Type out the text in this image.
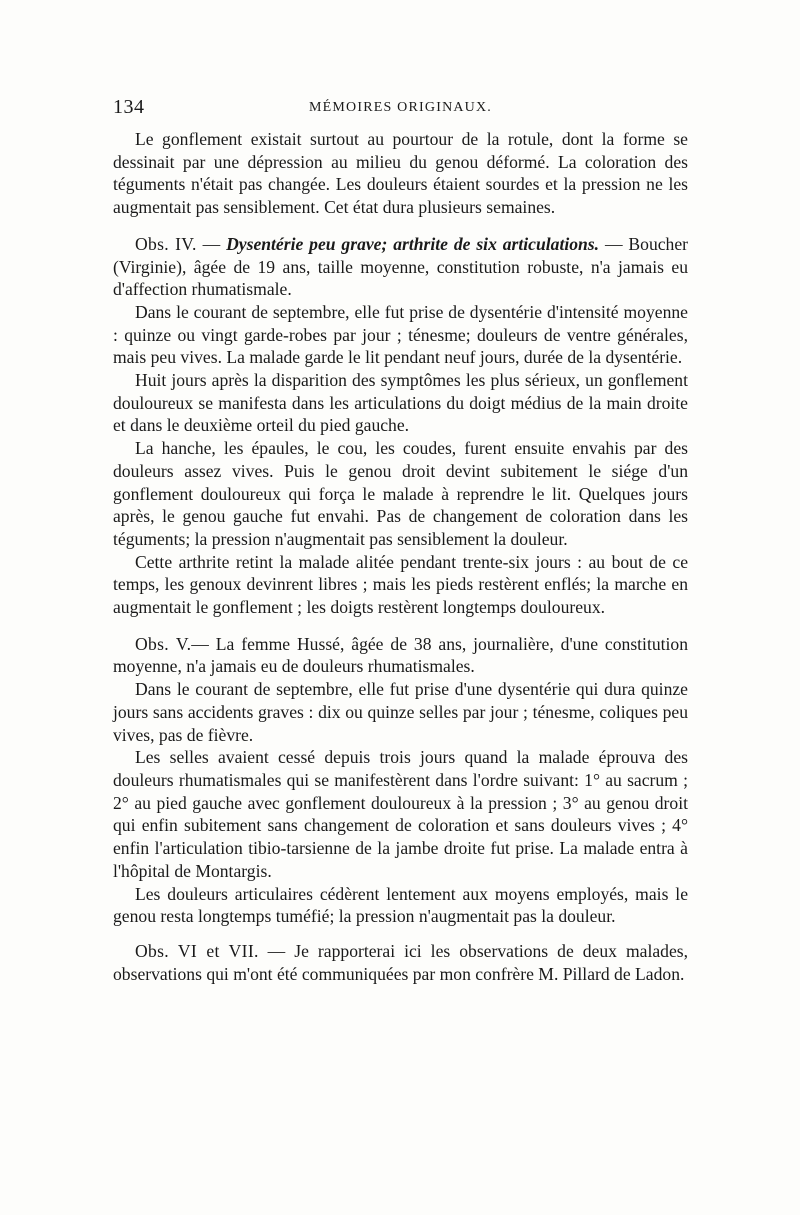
134	MÉMOIRES ORIGINAUX.

Le gonflement existait surtout au pourtour de la rotule, dont la forme se dessinait par une dépression au milieu du genou déformé. La coloration des téguments n'était pas changée. Les douleurs étaient sourdes et la pression ne les augmentait pas sensiblement. Cet état dura plusieurs semaines.

Obs. IV. — Dysentérie peu grave; arthrite de six articulations. — Boucher (Virginie), âgée de 19 ans, taille moyenne, constitution robuste, n'a jamais eu d'affection rhumatismale.

Dans le courant de septembre, elle fut prise de dysentérie d'intensité moyenne : quinze ou vingt garde-robes par jour ; ténesme; douleurs de ventre générales, mais peu vives. La malade garde le lit pendant neuf jours, durée de la dysentérie.

Huit jours après la disparition des symptômes les plus sérieux, un gonflement douloureux se manifesta dans les articulations du doigt médius de la main droite et dans le deuxième orteil du pied gauche.

La hanche, les épaules, le cou, les coudes, furent ensuite envahis par des douleurs assez vives. Puis le genou droit devint subitement le siége d'un gonflement douloureux qui força le malade à reprendre le lit. Quelques jours après, le genou gauche fut envahi. Pas de changement de coloration dans les téguments; la pression n'augmentait pas sensiblement la douleur.

Cette arthrite retint la malade alitée pendant trente-six jours : au bout de ce temps, les genoux devinrent libres ; mais les pieds restèrent enflés; la marche en augmentait le gonflement ; les doigts restèrent longtemps douloureux.

Obs. V.— La femme Hussé, âgée de 38 ans, journalière, d'une constitution moyenne, n'a jamais eu de douleurs rhumatismales.

Dans le courant de septembre, elle fut prise d'une dysentérie qui dura quinze jours sans accidents graves : dix ou quinze selles par jour ; ténesme, coliques peu vives, pas de fièvre.

Les selles avaient cessé depuis trois jours quand la malade éprouva des douleurs rhumatismales qui se manifestèrent dans l'ordre suivant: 1° au sacrum ; 2° au pied gauche avec gonflement douloureux à la pression ; 3° au genou droit qui enfin subitement sans changement de coloration et sans douleurs vives ; 4° enfin l'articulation tibio-tarsienne de la jambe droite fut prise. La malade entra à l'hôpital de Montargis.

Les douleurs articulaires cédèrent lentement aux moyens employés, mais le genou resta longtemps tuméfié; la pression n'augmentait pas la douleur.

Obs. VI et VII. — Je rapporterai ici les observations de deux malades, observations qui m'ont été communiquées par mon confrère M. Pillard de Ladon.
